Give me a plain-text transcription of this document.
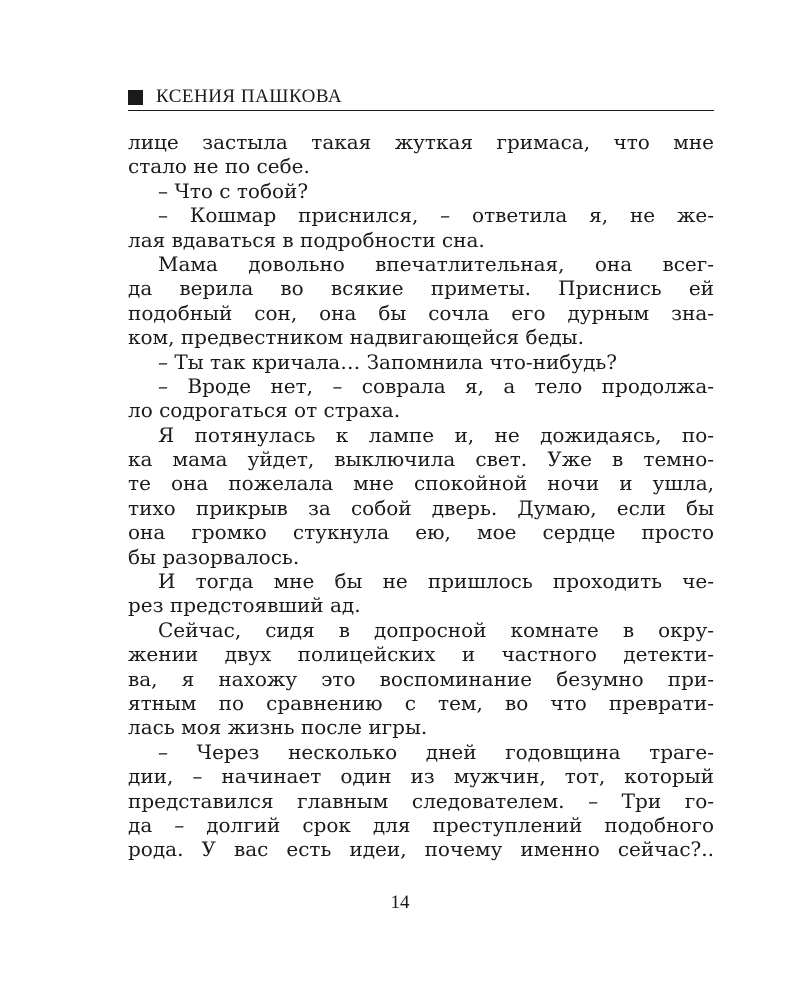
КСЕНИЯ ПАШКОВА
лице застыла такая жуткая гримаса, что мне
стало не по себе.
– Что с тобой?
– Кошмар приснился, – ответила я, не же-
лая вдаваться в подробности сна.
Мама довольно впечатлительная, она всег-
да верила во всякие приметы. Приснись ей
подобный сон, она бы сочла его дурным зна-
ком, предвестником надвигающейся беды.
– Ты так кричала… Запомнила что-нибудь?
– Вроде нет, – соврала я, а тело продолжа-
ло содрогаться от страха.
Я потянулась к лампе и, не дожидаясь, по-
ка мама уйдет, выключила свет. Уже в темно-
те она пожелала мне спокойной ночи и ушла,
тихо прикрыв за собой дверь. Думаю, если бы
она громко стукнула ею, мое сердце просто
бы разорвалось.
И тогда мне бы не пришлось проходить че-
рез предстоявший ад.
Сейчас, сидя в допросной комнате в окру-
жении двух полицейских и частного детекти-
ва, я нахожу это воспоминание безумно при-
ятным по сравнению с тем, во что преврати-
лась моя жизнь после игры.
– Через несколько дней годовщина траге-
дии, – начинает один из мужчин, тот, который
представился главным следователем. – Три го-
да – долгий срок для преступлений подобного
рода. У вас есть идеи, почему именно сейчас?..
14
